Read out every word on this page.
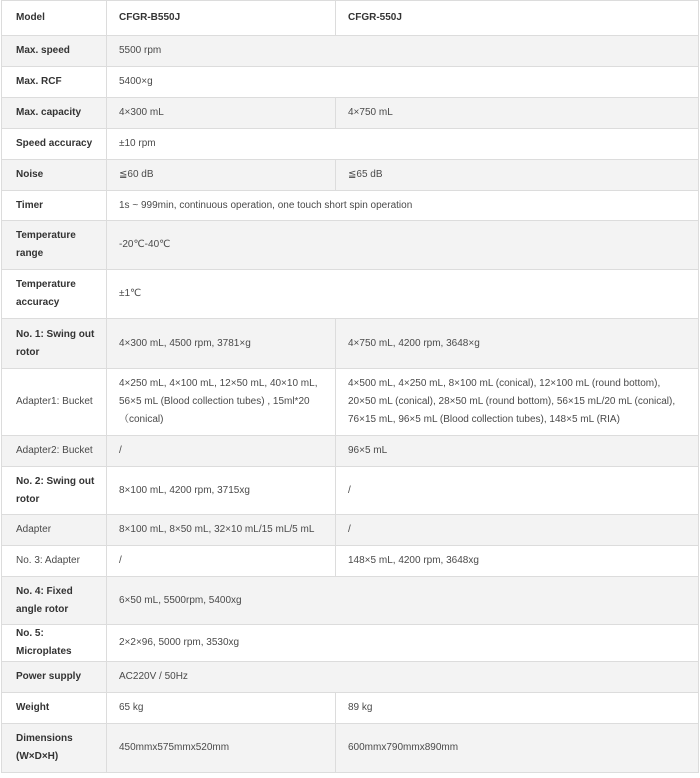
Model	CFGR-B550J	CFGR-550J
Max. speed	5500 rpm	
Max. RCF	5400×g	
Max. capacity	4×300 mL	4×750 mL
Speed accuracy	±10 rpm	
Noise	≦60 dB	≦65 dB
Timer	1s ~ 999min, continuous operation, one touch short spin operation	
Temperature range	-20℃-40℃	
Temperature accuracy	±1℃	
No. 1: Swing out rotor	4×300 mL, 4500 rpm, 3781×g	4×750 mL, 4200 rpm, 3648×g
Adapter1: Bucket	4×250 mL, 4×100 mL, 12×50 mL, 40×10 mL, 56×5 mL (Blood collection tubes) , 15ml*20（conical)	4×500 mL, 4×250 mL, 8×100 mL (conical), 12×100 mL (round bottom), 20×50 mL (conical), 28×50 mL (round bottom), 56×15 mL/20 mL (conical), 76×15 mL, 96×5 mL (Blood collection tubes), 148×5 mL (RIA)
Adapter2: Bucket	/	96×5 mL
No. 2: Swing out rotor	8×100 mL, 4200 rpm, 3715xg	/
Adapter	8×100 mL, 8×50 mL, 32×10 mL/15 mL/5 mL	/
No. 3: Adapter	/	148×5 mL, 4200 rpm, 3648xg
No. 4: Fixed angle rotor	6×50 mL, 5500rpm, 5400xg	
No. 5: Microplates	2×2×96, 5000 rpm, 3530xg	
Power supply	AC220V / 50Hz	
Weight	65 kg	89 kg
Dimensions (W×D×H)	450mmx575mmx520mm	600mmx790mmx890mm
